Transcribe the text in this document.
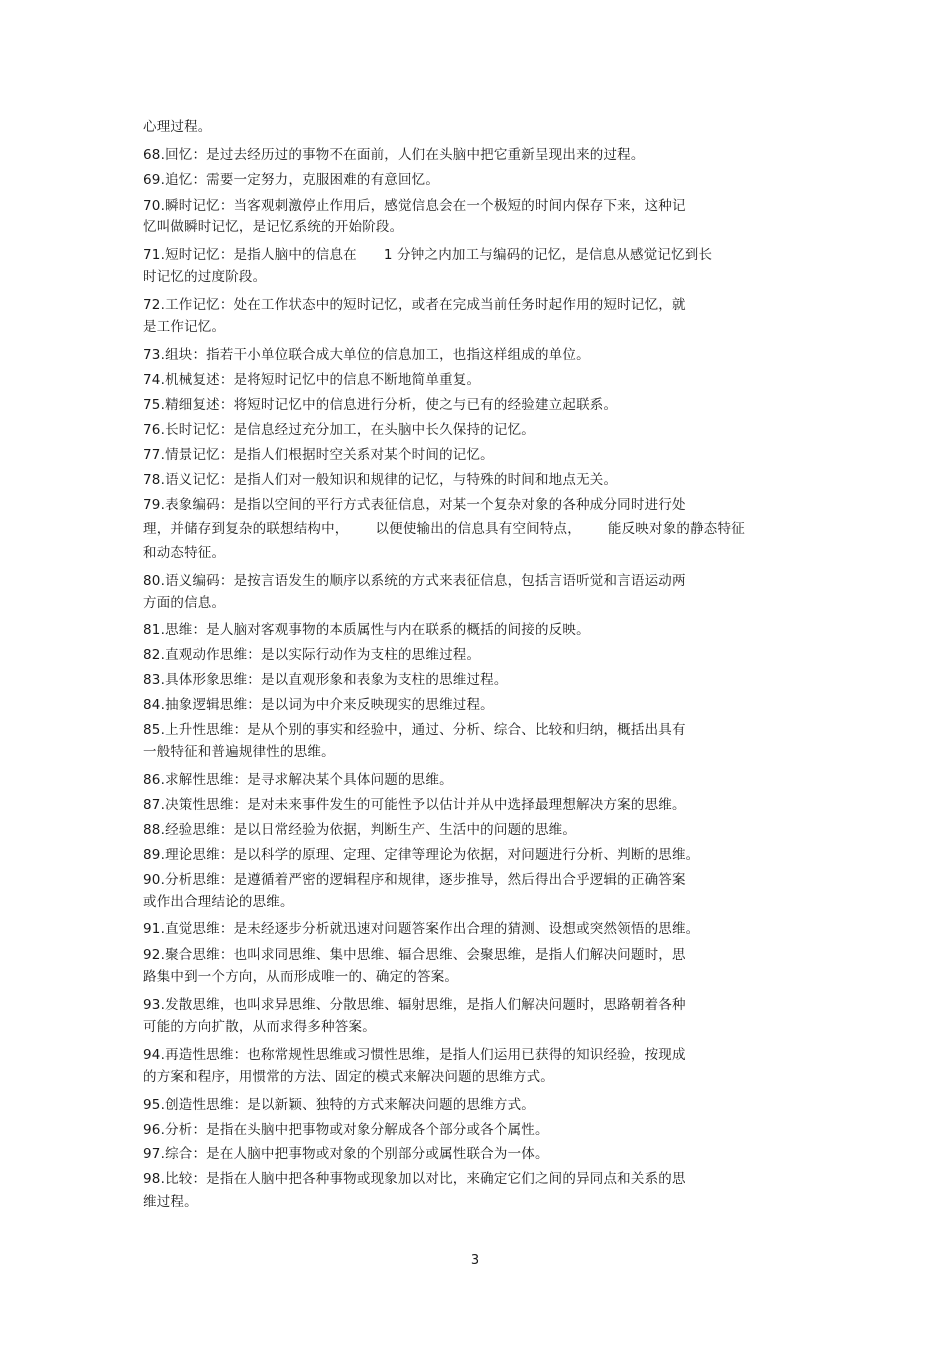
心理过程。
68.回忆：是过去经历过的事物不在面前，人们在头脑中把它重新呈现出来的过程。
69.追忆：需要一定努力，克服困难的有意回忆。
70.瞬时记忆：当客观刺激停止作用后，感觉信息会在一个极短的时间内保存下来，这种记
忆叫做瞬时记忆，是记忆系统的开始阶段。
71.短时记忆：是指人脑中的信息在      1 分钟之内加工与编码的记忆，是信息从感觉记忆到长
时记忆的过度阶段。
72.工作记忆：处在工作状态中的短时记忆，或者在完成当前任务时起作用的短时记忆，就
是工作记忆。
73.组块：指若干小单位联合成大单位的信息加工，也指这样组成的单位。
74.机械复述：是将短时记忆中的信息不断地简单重复。
75.精细复述：将短时记忆中的信息进行分析，使之与已有的经验建立起联系。
76.长时记忆：是信息经过充分加工，在头脑中长久保持的记忆。
77.情景记忆：是指人们根据时空关系对某个时间的记忆。
78.语义记忆：是指人们对一般知识和规律的记忆，与特殊的时间和地点无关。
79.表象编码：是指以空间的平行方式表征信息，对某一个复杂对象的各种成分同时进行处
理，并储存到复杂的联想结构中，      以便使输出的信息具有空间特点，      能反映对象的静态特征
和动态特征。
80.语义编码：是按言语发生的顺序以系统的方式来表征信息，包括言语听觉和言语运动两
方面的信息。
81.思维：是人脑对客观事物的本质属性与内在联系的概括的间接的反映。
82.直观动作思维：是以实际行动作为支柱的思维过程。
83.具体形象思维：是以直观形象和表象为支柱的思维过程。
84.抽象逻辑思维：是以词为中介来反映现实的思维过程。
85.上升性思维：是从个别的事实和经验中，通过、分析、综合、比较和归纳，概括出具有
一般特征和普遍规律性的思维。
86.求解性思维：是寻求解决某个具体问题的思维。
87.决策性思维：是对未来事件发生的可能性予以估计并从中选择最理想解决方案的思维。
88.经验思维：是以日常经验为依据，判断生产、生活中的问题的思维。
89.理论思维：是以科学的原理、定理、定律等理论为依据，对问题进行分析、判断的思维。
90.分析思维：是遵循着严密的逻辑程序和规律，逐步推导，然后得出合乎逻辑的正确答案
或作出合理结论的思维。
91.直觉思维：是未经逐步分析就迅速对问题答案作出合理的猜测、设想或突然领悟的思维。
92.聚合思维：也叫求同思维、集中思维、辐合思维、会聚思维，是指人们解决问题时，思
路集中到一个方向，从而形成唯一的、确定的答案。
93.发散思维，也叫求异思维、分散思维、辐射思维，是指人们解决问题时，思路朝着各种
可能的方向扩散，从而求得多种答案。
94.再造性思维：也称常规性思维或习惯性思维，是指人们运用已获得的知识经验，按现成
的方案和程序，用惯常的方法、固定的模式来解决问题的思维方式。
95.创造性思维：是以新颖、独特的方式来解决问题的思维方式。
96.分析：是指在头脑中把事物或对象分解成各个部分或各个属性。
97.综合：是在人脑中把事物或对象的个别部分或属性联合为一体。
98.比较：是指在人脑中把各种事物或现象加以对比，来确定它们之间的异同点和关系的思
维过程。
3
